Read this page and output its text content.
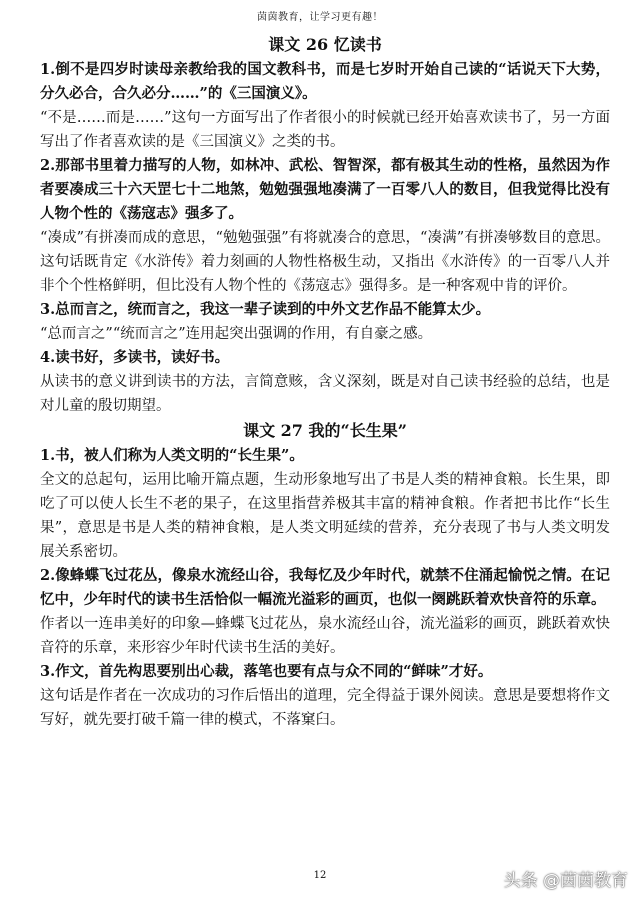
茵茵教育，让学习更有趣！
课文 26 忆读书

1.倒不是四岁时读母亲教给我的国文教科书，而是七岁时开始自己读的“话说天下大势，分久必合，合久必分……”的《三国演义》。

“不是……而是……”这句一方面写出了作者很小的时候就已经开始喜欢读书了，另一方面写出了作者喜欢读的是《三国演义》之类的书。

2.那部书里着力描写的人物，如林冲、武松、智智深，都有极其生动的性格，虽然因为作者要凑成三十六天罡七十二地煞，勉勉强强地凑满了一百零八人的数目，但我觉得比没有人物个性的《荡寇志》强多了。

“凑成”有拼凑而成的意思，“勉勉强强”有将就凑合的意思，“凑满”有拼凑够数目的意思。这句话既肯定《水浒传》着力刻画的人物性格极生动，又指出《水浒传》的一百零八人并非个个性格鲜明，但比没有人物个性的《荡寇志》强得多。是一种客观中肯的评价。

3.总而言之，统而言之，我这一辈子读到的中外文艺作品不能算太少。

“总而言之”“统而言之”连用起突出强调的作用，有自豪之感。

4.读书好，多读书，读好书。

从读书的意义讲到读书的方法，言简意赅，含义深刻，既是对自己读书经验的总结，也是对儿童的殷切期望。

课文 27 我的“长生果”

1.书，被人们称为人类文明的“长生果”。

全文的总起句，运用比喻开篇点题，生动形象地写出了书是人类的精神食粮。长生果，即吃了可以使人长生不老的果子，在这里指营养极其丰富的精神食粮。作者把书比作“长生果”，意思是书是人类的精神食粮，是人类文明延续的营养，充分表现了书与人类文明发展关系密切。

2.像蜂蝶飞过花丛，像泉水流经山谷，我每忆及少年时代，就禁不住涌起愉悦之情。在记忆中，少年时代的读书生活恰似一幅流光溢彩的画页，也似一阕跳跃着欢快音符的乐章。

作者以一连串美好的印象—蜂蝶飞过花丛，泉水流经山谷，流光溢彩的画页，跳跃着欢快音符的乐章，来形容少年时代读书生活的美好。

3.作文，首先构思要别出心裁，落笔也要有点与众不同的“鲜味”才好。

这句话是作者在一次成功的习作后悟出的道理，完全得益于课外阅读。意思是要想将作文写好，就先要打破千篇一律的模式，不落窠臼。

12	头条 @茵茵教育
